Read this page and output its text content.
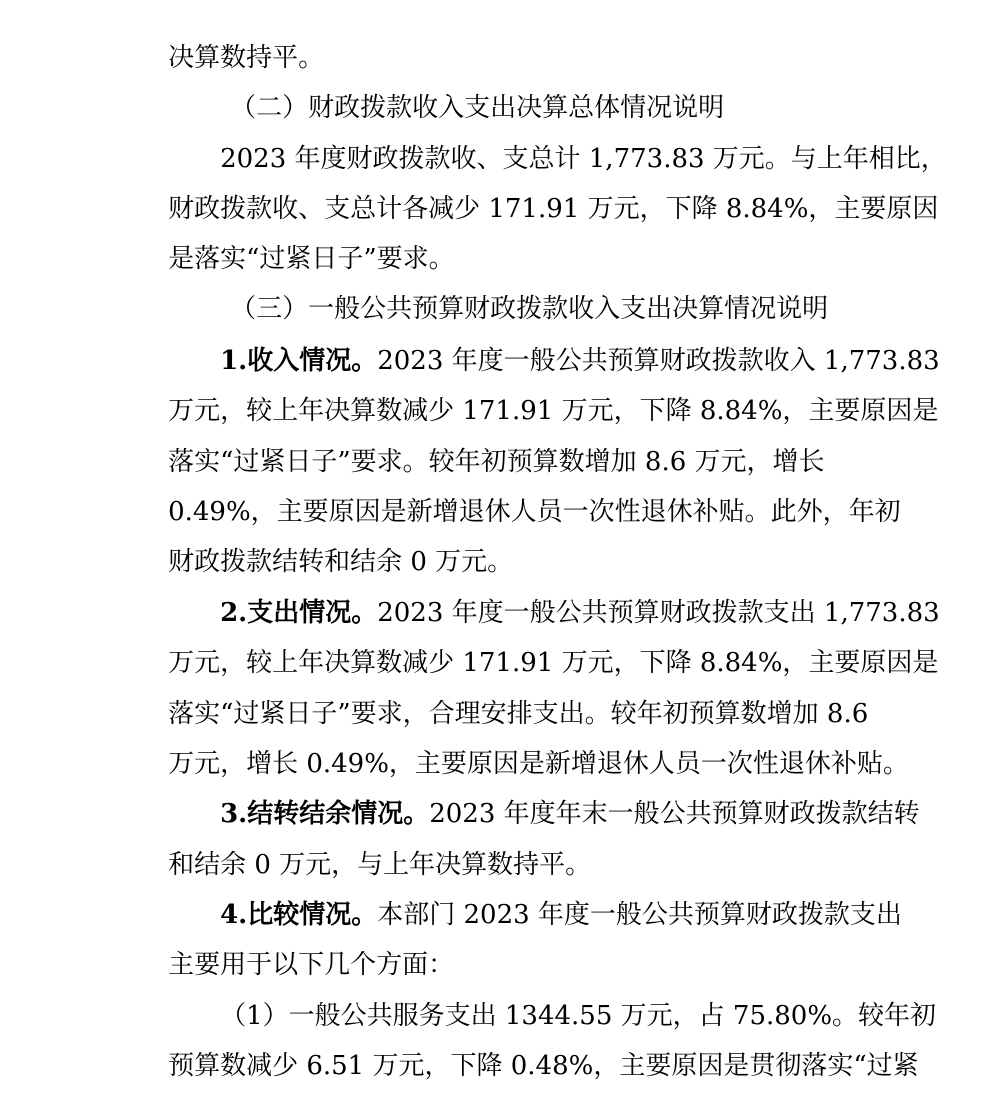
决算数持平。

（二）财政拨款收入支出决算总体情况说明

2023 年度财政拨款收、支总计 1,773.83 万元。与上年相比，

财政拨款收、支总计各减少 171.91 万元，下降 8.84%，主要原因

是落实“过紧日子”要求。

（三）一般公共预算财政拨款收入支出决算情况说明

1.收入情况。2023 年度一般公共预算财政拨款收入 1,773.83

万元，较上年决算数减少 171.91 万元，下降 8.84%，主要原因是

落实“过紧日子”要求。较年初预算数增加 8.6 万元，增长

0.49%，主要原因是新增退休人员一次性退休补贴。此外，年初

财政拨款结转和结余 0 万元。

2.支出情况。2023 年度一般公共预算财政拨款支出 1,773.83

万元，较上年决算数减少 171.91 万元，下降 8.84%，主要原因是

落实“过紧日子”要求，合理安排支出。较年初预算数增加 8.6

万元，增长 0.49%，主要原因是新增退休人员一次性退休补贴。

3.结转结余情况。2023 年度年末一般公共预算财政拨款结转

和结余 0 万元，与上年决算数持平。

4.比较情况。本部门 2023 年度一般公共预算财政拨款支出

主要用于以下几个方面：

（1）一般公共服务支出 1344.55 万元，占 75.80%。较年初

预算数减少 6.51 万元，下降 0.48%，主要原因是贯彻落实“过紧
